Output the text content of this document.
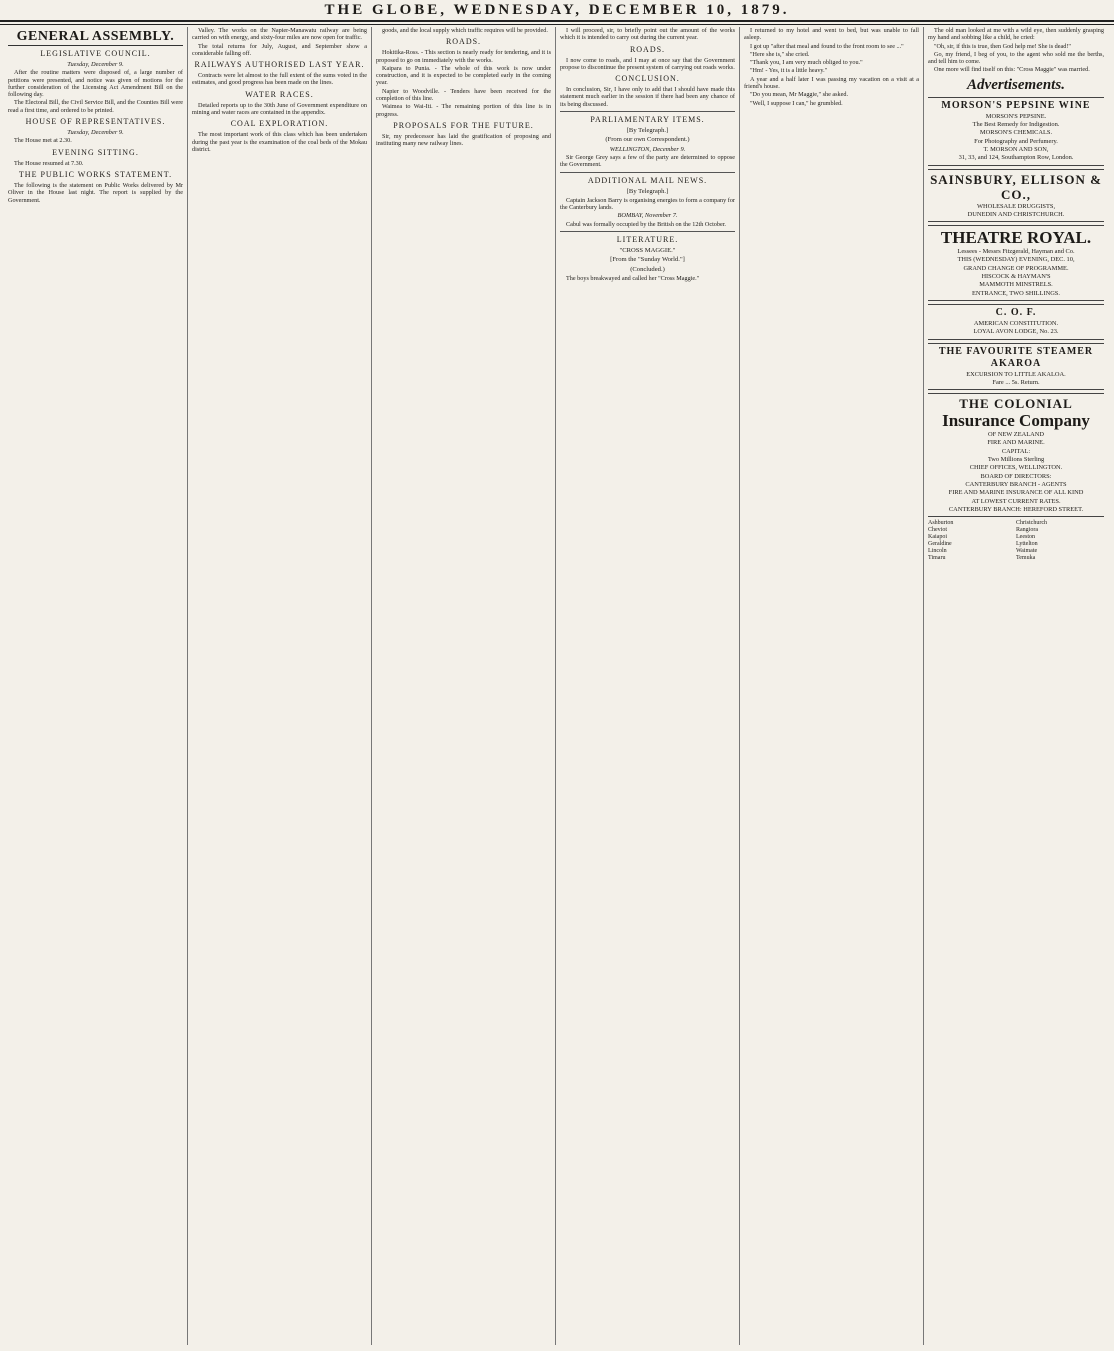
THE GLOBE, WEDNESDAY, DECEMBER 10, 1879.
GENERAL ASSEMBLY.
LEGISLATIVE COUNCIL.
Tuesday, December 9.

After the routine matters were disposed of, a large number of petitions were presented, and notice was given of motions for the further consideration of the Licensing Act Amendment Bill on the following day.

The Electoral Bill, the Civil Service Bill, and the Counties Bill were read a first time, and ordered to be printed.

HOUSE OF REPRESENTATIVES.
Tuesday, December 9.

The House met at 2.30.

EVENING SITTING.

The House resumed at 7.30.

THE PUBLIC WORKS STATEMENT.

The following is the statement on Public Works delivered by Mr Oliver in the House last night. The report is supplied by the Government.

Valley. The works on the Napier-Manawatu railway are being carried on with energy, and sixty-four miles are now open for traffic.

The total returns for July, August, and September show a considerable falling off.

RAILWAYS AUTHORISED LAST YEAR.

Contracts were let almost to the full extent of the sums voted in the estimates, and good progress has been made on the lines.

WATER RACES.

Detailed reports up to the 30th June of Government expenditure on mining and water races are contained in the appendix.

COAL EXPLORATION.

The most important work of this class which has been undertaken during the past year is the examination of the coal beds of the Mokau district.

goods, and the local supply which traffic requires will be provided.

ROADS.

Hokitika-Ross. - This section is nearly ready for tendering, and it is proposed to go on immediately with the works.

Kaipara to Punia. - The whole of this work is now under construction, and it is expected to be completed early in the coming year.

Napier to Woodville. - Tenders have been received for the completion of this line.

Waimea to Wai-Iti. - The remaining portion of this line is in progress.

PROPOSALS FOR THE FUTURE.

Sir, my predecessor has laid the gratification of proposing and instituting many new railway lines.

I will proceed, sir, to briefly point out the amount of the works which it is intended to carry out during the current year.

ROADS.

I now come to roads, and I may at once say that the Government propose to discontinue the present system of carrying out roads works.

CONCLUSION.

In conclusion, Sir, I have only to add that I should have made this statement much earlier in the session if there had been any chance of its being discussed.

PARLIAMENTARY ITEMS.
[By Telegraph.]
(From our own Correspondent.)
WELLINGTON, December 9.

Sir George Grey says a few of the party are determined to oppose the Government.

ADDITIONAL MAIL NEWS.
[By Telegraph.]

Captain Jackson Barry is organising energies to form a company for the Canterbury lands.

BOMBAY, November 7.

Cabul was formally occupied by the British on the 12th October.

LITERATURE.
"CROSS MAGGIE."
[From the "Sunday World."]
(Concluded.)

The boys breakwayed and called her "Cross Maggie."

I returned to my hotel and went to bed, but was unable to fall asleep.

I got up "after that meal and found to the front room to see ..."

"Here she is," she cried.

"Thank you, I am very much obliged to you."

"Hm! - Yes, it is a little heavy."

A year and a half later I was passing my vacation on a visit at a friend's house.

"Do you mean, Mr Maggie," she asked.

"Well, I suppose I can," he grumbled.

The old man looked at me with a wild eye, then suddenly grasping my hand and sobbing like a child, he cried:

"Oh, sir, if this is true, then God help me! She is dead!"

Go, my friend, I beg of you, to the agent who sold me the berths, and tell him to come.

One more will find itself on this: "Cross Maggie" was married.

Advertisements.
MORSON'S PEPSINE WINE

MORSON'S PEPSINE.

The Best Remedy for Indigestion.

MORSON'S CHEMICALS.

For Photography and Perfumery.

T. MORSON AND SON,

31, 33, and 124, Southampton Row, London.

SAINSBURY, ELLISON & CO.,

WHOLESALE DRUGGISTS,

DUNEDIN AND CHRISTCHURCH.

THEATRE ROYAL.

Lessees - Messrs Fitzgerald, Hayman and Co.

THIS (WEDNESDAY) EVENING, DEC. 10,

GRAND CHANGE OF PROGRAMME.

HISCOCK & HAYMAN'S

MAMMOTH MINSTRELS.

ENTRANCE, TWO SHILLINGS.

C. O. F.

AMERICAN CONSTITUTION.

LOYAL AVON LODGE, No. 23.

THE FAVOURITE STEAMER AKAROA

EXCURSION TO LITTLE AKALOA.

Fare ... 5s. Return.

THE COLONIAL
Insurance Company

OF NEW ZEALAND

FIRE AND MARINE.

CAPITAL:

Two Millions Sterling

CHIEF OFFICES, WELLINGTON.

BOARD OF DIRECTORS:

CANTERBURY BRANCH - AGENTS

FIRE AND MARINE INSURANCE OF ALL KIND

AT LOWEST CURRENT RATES.

CANTERBURY BRANCH: HEREFORD STREET.

Ashburton	Christchurch
Cheviot	Rangiora
Kaiapoi	Leeston
Geraldine	Lyttelton
Lincoln	Waimate
Timaru	Temuka
